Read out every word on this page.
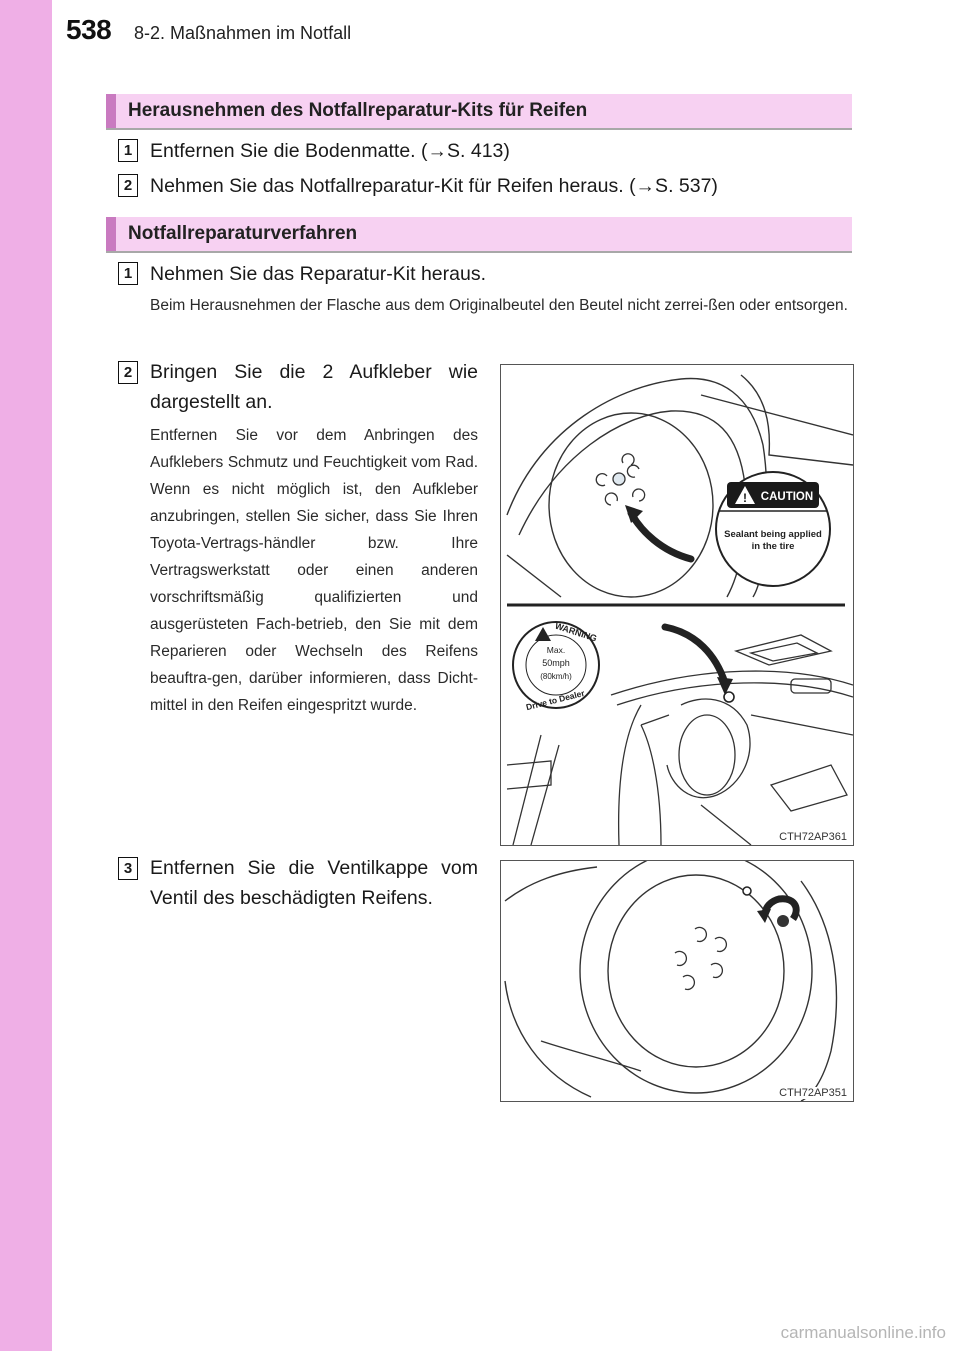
538 8-2. Maßnahmen im Notfall
Herausnehmen des Notfallreparatur-Kits für Reifen
1 Entfernen Sie die Bodenmatte. (→S. 413)
2 Nehmen Sie das Notfallreparatur-Kit für Reifen heraus. (→S. 537)
Notfallreparaturverfahren
1 Nehmen Sie das Reparatur-Kit heraus.
Beim Herausnehmen der Flasche aus dem Originalbeutel den Beutel nicht zerrei-ßen oder entsorgen.
2 Bringen Sie die 2 Aufkleber wie dargestellt an.
Entfernen Sie vor dem Anbringen des Aufklebers Schmutz und Feuchtigkeit vom Rad. Wenn es nicht möglich ist, den Aufkleber anzubringen, stellen Sie sicher, dass Sie Ihren Toyota-Vertrags-händler bzw. Ihre Vertragswerkstatt oder einen anderen vorschriftsmäßig qualifizierten und ausgerüsteten Fach-betrieb, den Sie mit dem Reparieren oder Wechseln des Reifens beauftra-gen, darüber informieren, dass Dicht-mittel in den Reifen eingespritzt wurde.
! CAUTION
Sealant being applied
in the tire
WARNING
Max.
50mph
(80km/h)
Drive to Dealer
CTH72AP361
3 Entfernen Sie die Ventilkappe vom Ventil des beschädigten Reifens.
CTH72AP351
carmanualsonline.info
